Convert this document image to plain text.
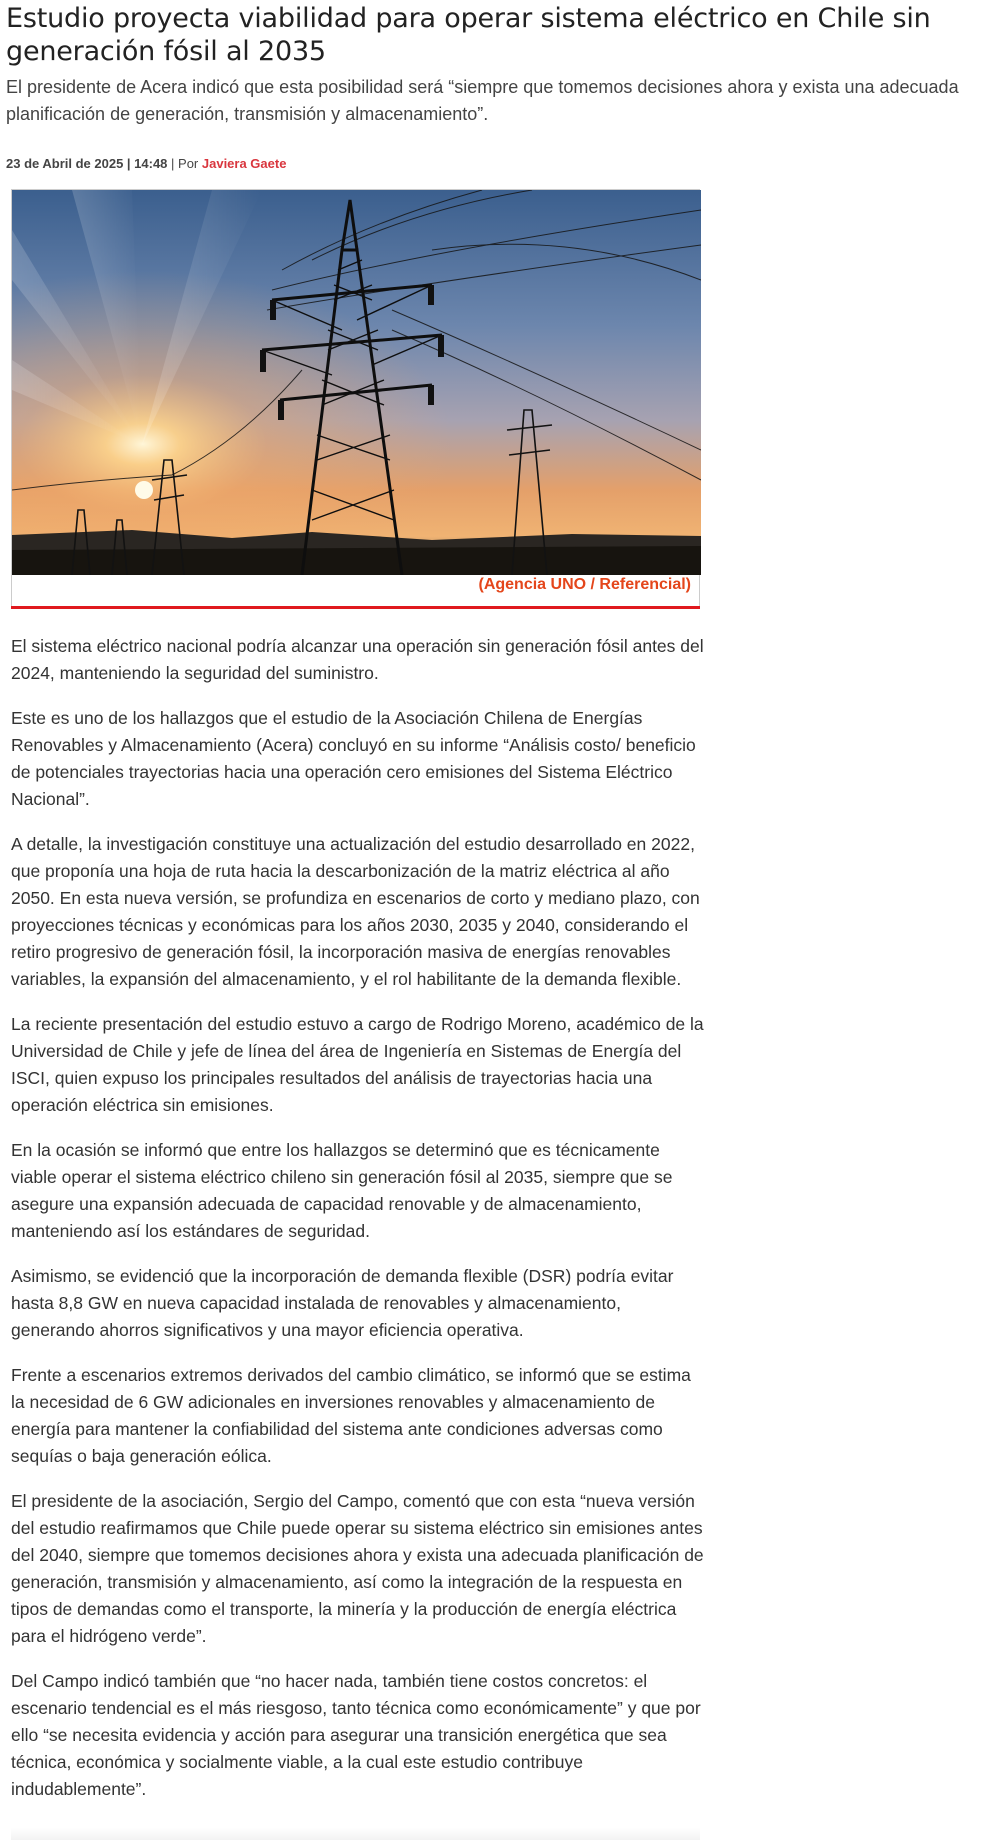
Estudio proyecta viabilidad para operar sistema eléctrico en Chile sin generación fósil al 2035

El presidente de Acera indicó que esta posibilidad será “siempre que tomemos decisiones ahora y exista una adecuada planificación de generación, transmisión y almacenamiento”.

23 de Abril de 2025 | 14:48 | Por Javiera Gaete

(Agencia UNO / Referencial)

El sistema eléctrico nacional podría alcanzar una operación sin generación fósil antes del 2024, manteniendo la seguridad del suministro.

Este es uno de los hallazgos que el estudio de la Asociación Chilena de Energías Renovables y Almacenamiento (Acera) concluyó en su informe “Análisis costo/ beneficio de potenciales trayectorias hacia una operación cero emisiones del Sistema Eléctrico Nacional”.

A detalle, la investigación constituye una actualización del estudio desarrollado en 2022, que proponía una hoja de ruta hacia la descarbonización de la matriz eléctrica al año 2050. En esta nueva versión, se profundiza en escenarios de corto y mediano plazo, con proyecciones técnicas y económicas para los años 2030, 2035 y 2040, considerando el retiro progresivo de generación fósil, la incorporación masiva de energías renovables variables, la expansión del almacenamiento, y el rol habilitante de la demanda flexible.

La reciente presentación del estudio estuvo a cargo de Rodrigo Moreno, académico de la Universidad de Chile y jefe de línea del área de Ingeniería en Sistemas de Energía del ISCI, quien expuso los principales resultados del análisis de trayectorias hacia una operación eléctrica sin emisiones.

En la ocasión se informó que entre los hallazgos se determinó que es técnicamente viable operar el sistema eléctrico chileno sin generación fósil al 2035, siempre que se asegure una expansión adecuada de capacidad renovable y de almacenamiento, manteniendo así los estándares de seguridad.

Asimismo, se evidenció que la incorporación de demanda flexible (DSR) podría evitar hasta 8,8 GW en nueva capacidad instalada de renovables y almacenamiento, generando ahorros significativos y una mayor eficiencia operativa.

Frente a escenarios extremos derivados del cambio climático, se informó que se estima la necesidad de 6 GW adicionales en inversiones renovables y almacenamiento de energía para mantener la confiabilidad del sistema ante condiciones adversas como sequías o baja generación eólica.

El presidente de la asociación, Sergio del Campo, comentó que con esta “nueva versión del estudio reafirmamos que Chile puede operar su sistema eléctrico sin emisiones antes del 2040, siempre que tomemos decisiones ahora y exista una adecuada planificación de generación, transmisión y almacenamiento, así como la integración de la respuesta en tipos de demandas como el transporte, la minería y la producción de energía eléctrica para el hidrógeno verde”.

Del Campo indicó también que “no hacer nada, también tiene costos concretos: el escenario tendencial es el más riesgoso, tanto técnica como económicamente” y que por ello “se necesita evidencia y acción para asegurar una transición energética que sea técnica, económica y socialmente viable, a la cual este estudio contribuye indudablemente”.
